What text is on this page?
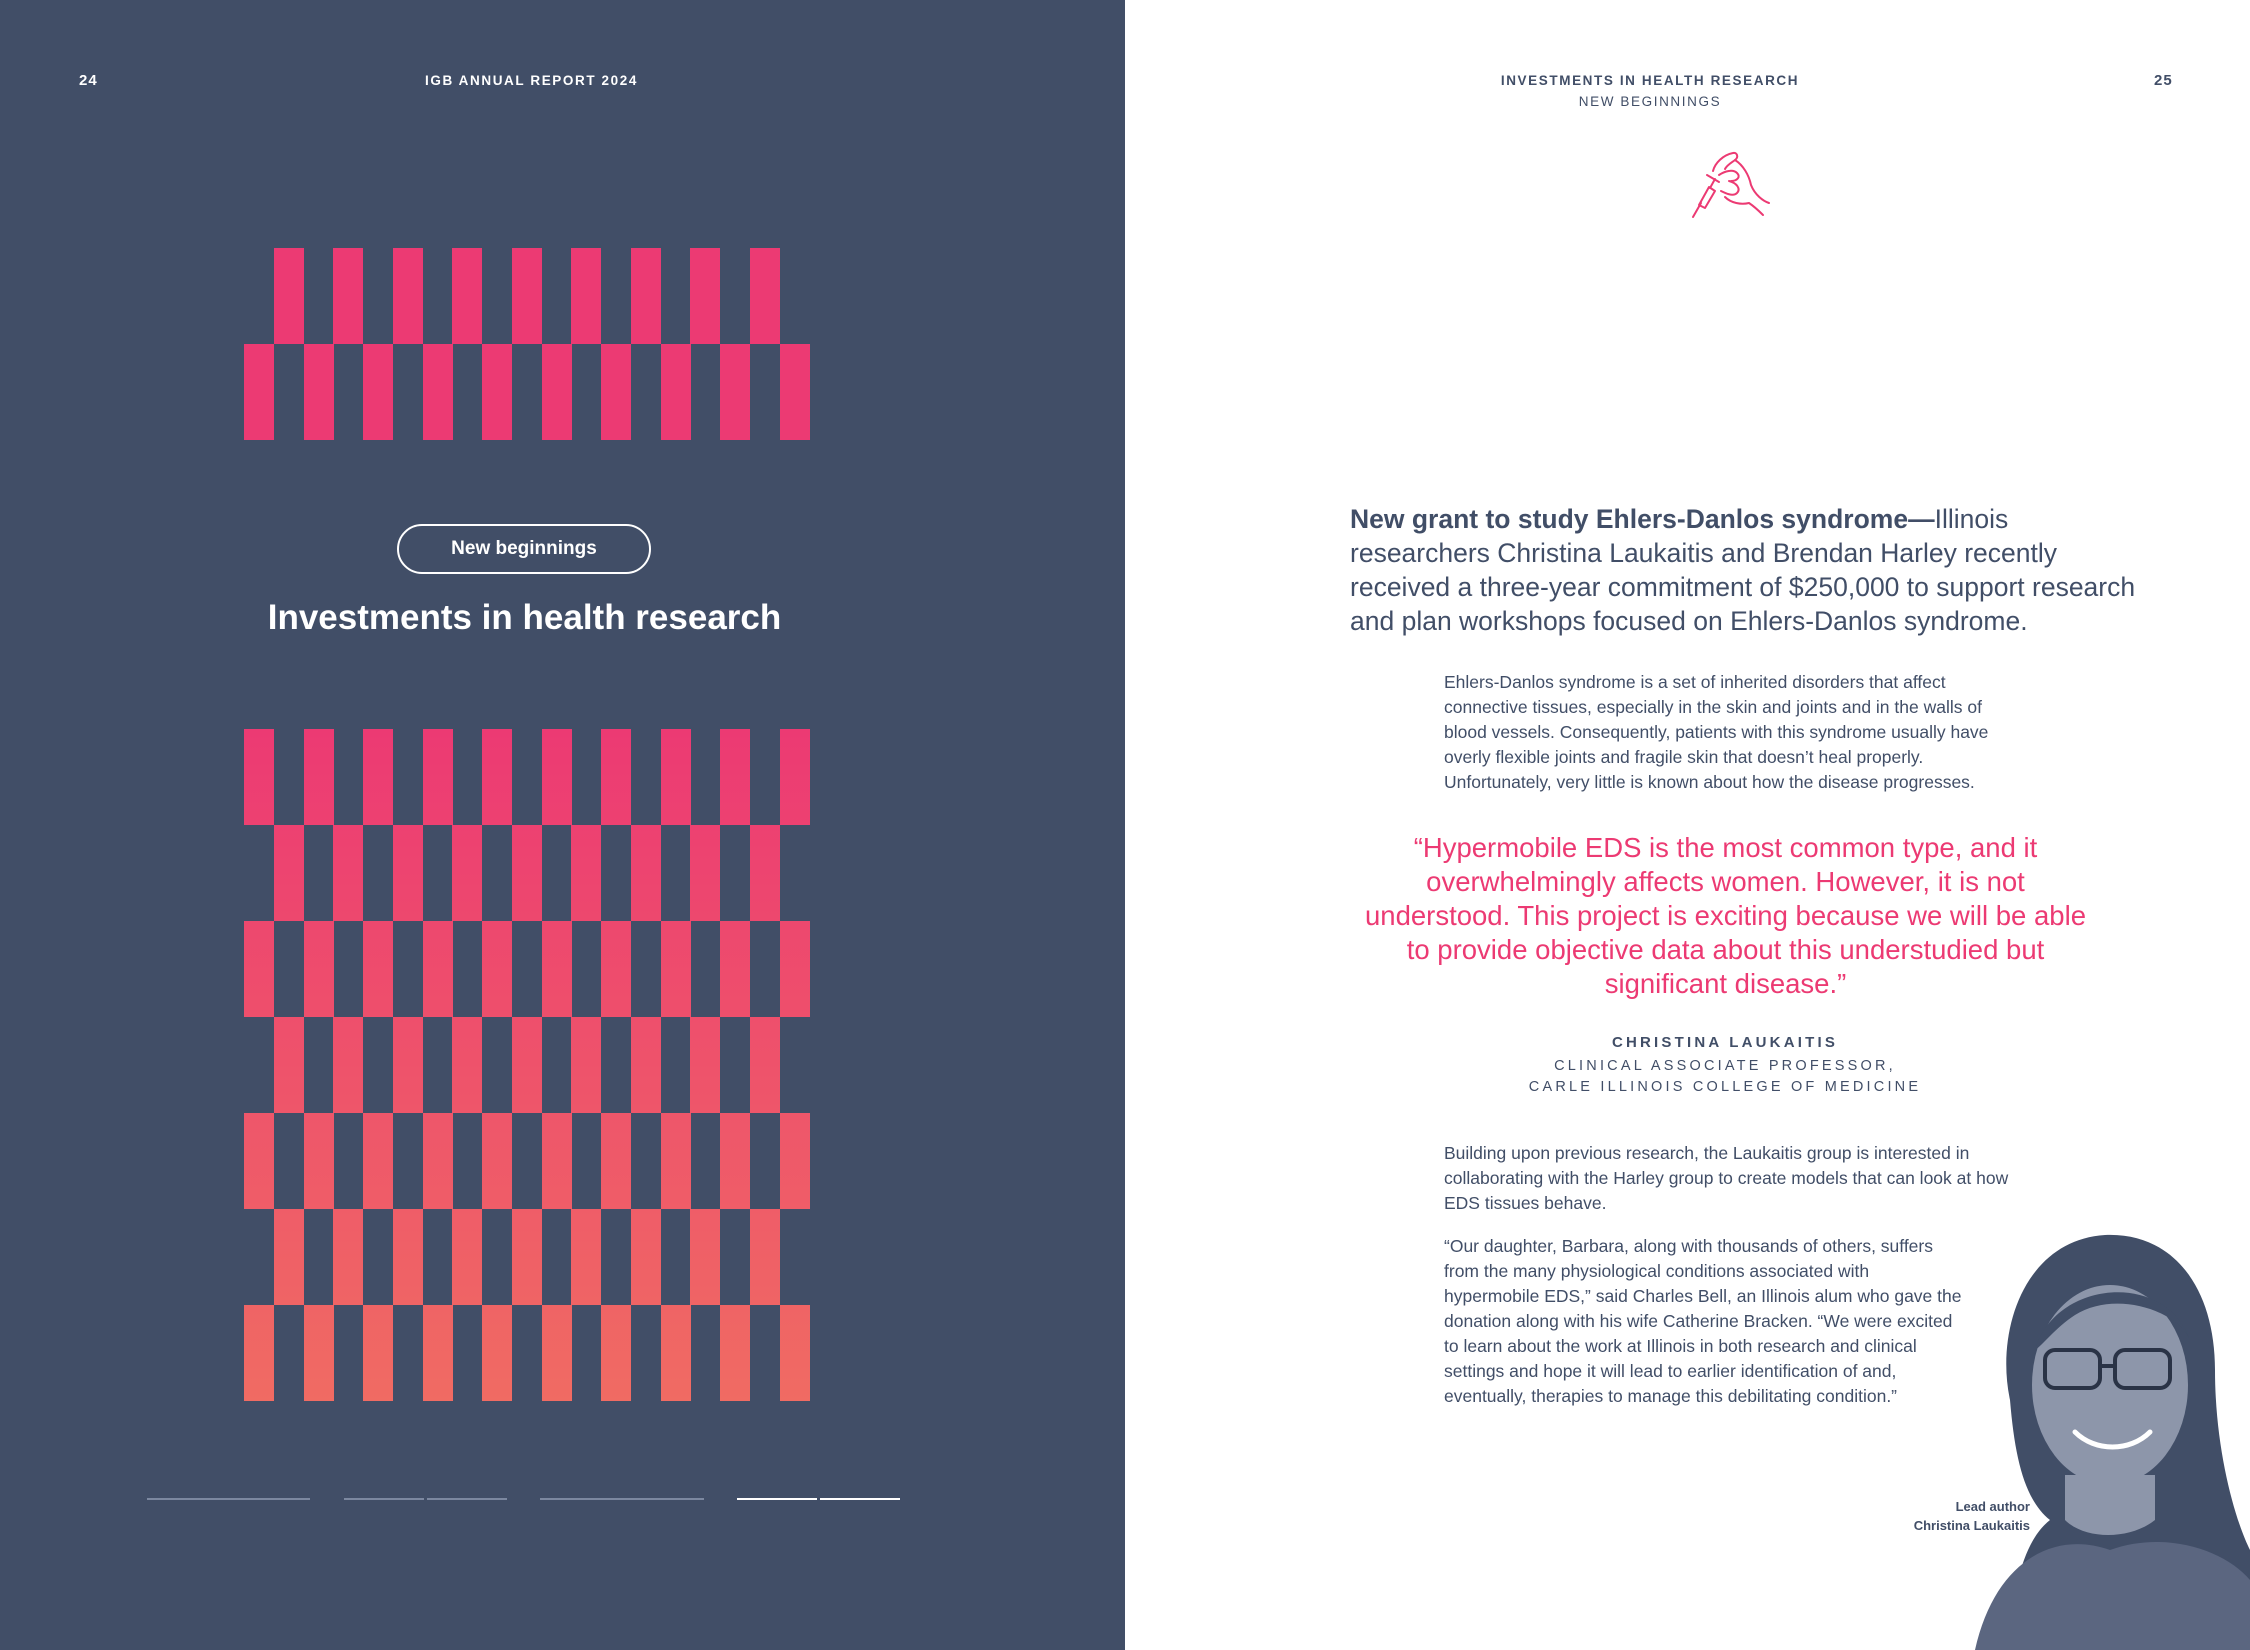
24	IGB ANNUAL REPORT 2024
New beginnings
Investments in health research
INVESTMENTS IN HEALTH RESEARCH
NEW BEGINNINGS
25
New grant to study Ehlers-Danlos syndrome—Illinois researchers Christina Laukaitis and Brendan Harley recently received a three-year commitment of $250,000 to support research and plan workshops focused on Ehlers-Danlos syndrome.
Ehlers-Danlos syndrome is a set of inherited disorders that affect connective tissues, especially in the skin and joints and in the walls of blood vessels. Consequently, patients with this syndrome usually have overly flexible joints and fragile skin that doesn’t heal properly. Unfortunately, very little is known about how the disease progresses.
“Hypermobile EDS is the most common type, and it overwhelmingly affects women. However, it is not understood. This project is exciting because we will be able to provide objective data about this understudied but significant disease.”
CHRISTINA LAUKAITIS
CLINICAL ASSOCIATE PROFESSOR,
CARLE ILLINOIS COLLEGE OF MEDICINE
Building upon previous research, the Laukaitis group is interested in collaborating with the Harley group to create models that can look at how EDS tissues behave.
“Our daughter, Barbara, along with thousands of others, suffers from the many physiological conditions associated with hypermobile EDS,” said Charles Bell, an Illinois alum who gave the donation along with his wife Catherine Bracken. “We were excited to learn about the work at Illinois in both research and clinical settings and hope it will lead to earlier identification of and, eventually, therapies to manage this debilitating condition.”
Lead author
Christina Laukaitis
